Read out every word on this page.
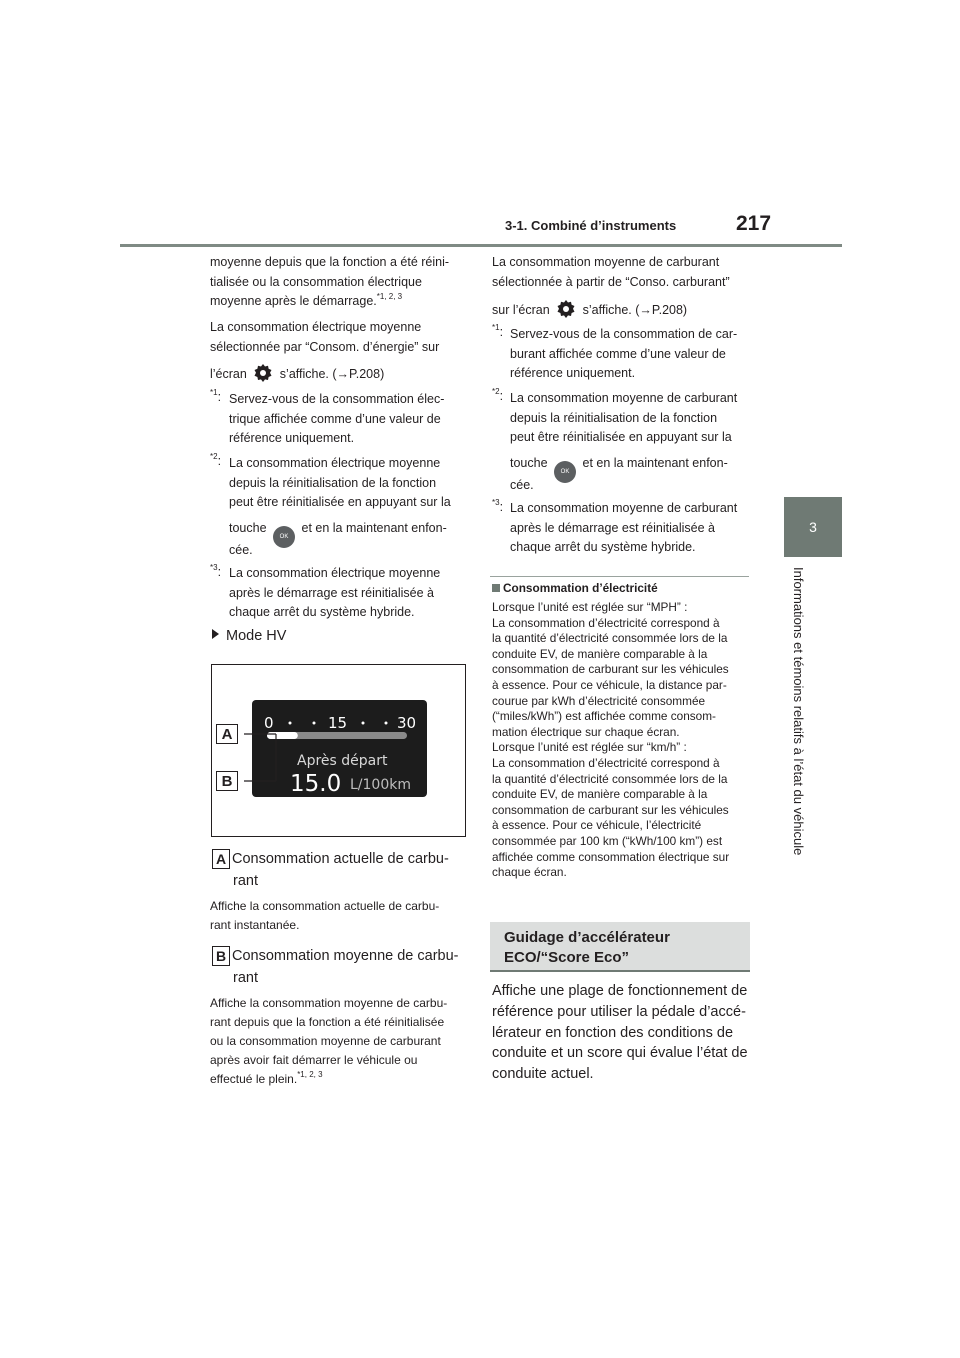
3-1. Combiné d’instruments	217
3
Informations et témoins relatifs à l’état du véhicule
moyenne depuis que la fonction a été réini-
tialisée ou la consommation électrique
moyenne après le démarrage.$^{*1, 2, 3}$
La consommation électrique moyenne
sélectionnée par “Consom. d’énergie” sur
l’écran	s’affiche. (→P.208)
$^{*1}$: Servez-vous de la consommation élec-
trique affichée comme d’une valeur de
référence uniquement.
$^{*2}$: La consommation électrique moyenne
depuis la réinitialisation de la fonction
peut être réinitialisée en appuyant sur la
touche OK et en la maintenant enfon-
cée.
$^{*3}$: La consommation électrique moyenne
après le démarrage est réinitialisée à
chaque arrêt du système hybride.
Mode HV
0	15	30
Après départ
15.0 L/100km
A
B
A Consommation actuelle de carbu-
rant
Affiche la consommation actuelle de carbu-
rant instantanée.
B Consommation moyenne de carbu-
rant
Affiche la consommation moyenne de carbu-
rant depuis que la fonction a été réinitialisée
ou la consommation moyenne de carburant
après avoir fait démarrer le véhicule ou
effectué le plein.$^{*1, 2, 3}$
La consommation moyenne de carburant
sélectionnée à partir de “Conso. carburant”
sur l’écran	s’affiche. (→P.208)
$^{*1}$: Servez-vous de la consommation de car-
burant affichée comme d’une valeur de
référence uniquement.
$^{*2}$: La consommation moyenne de carburant
depuis la réinitialisation de la fonction
peut être réinitialisée en appuyant sur la
touche OK et en la maintenant enfon-
cée.
$^{*3}$: La consommation moyenne de carburant
après le démarrage est réinitialisée à
chaque arrêt du système hybride.
Consommation d’électricité
Lorsque l’unité est réglée sur “MPH” :
La consommation d’électricité correspond à
la quantité d’électricité consommée lors de la
conduite EV, de manière comparable à la
consommation de carburant sur les véhicules
à essence. Pour ce véhicule, la distance par-
courue par kWh d’électricité consommée
(“miles/kWh”) est affichée comme consom-
mation électrique sur chaque écran.
Lorsque l’unité est réglée sur “km/h” :
La consommation d’électricité correspond à
la quantité d’électricité consommée lors de la
conduite EV, de manière comparable à la
consommation de carburant sur les véhicules
à essence. Pour ce véhicule, l’électricité
consommée par 100 km (“kWh/100 km”) est
affichée comme consommation électrique sur
chaque écran.
Guidage d’accélérateur
ECO/“Score Eco”
Affiche une plage de fonctionnement de
référence pour utiliser la pédale d’accé-
lérateur en fonction des conditions de
conduite et un score qui évalue l’état de
conduite actuel.
